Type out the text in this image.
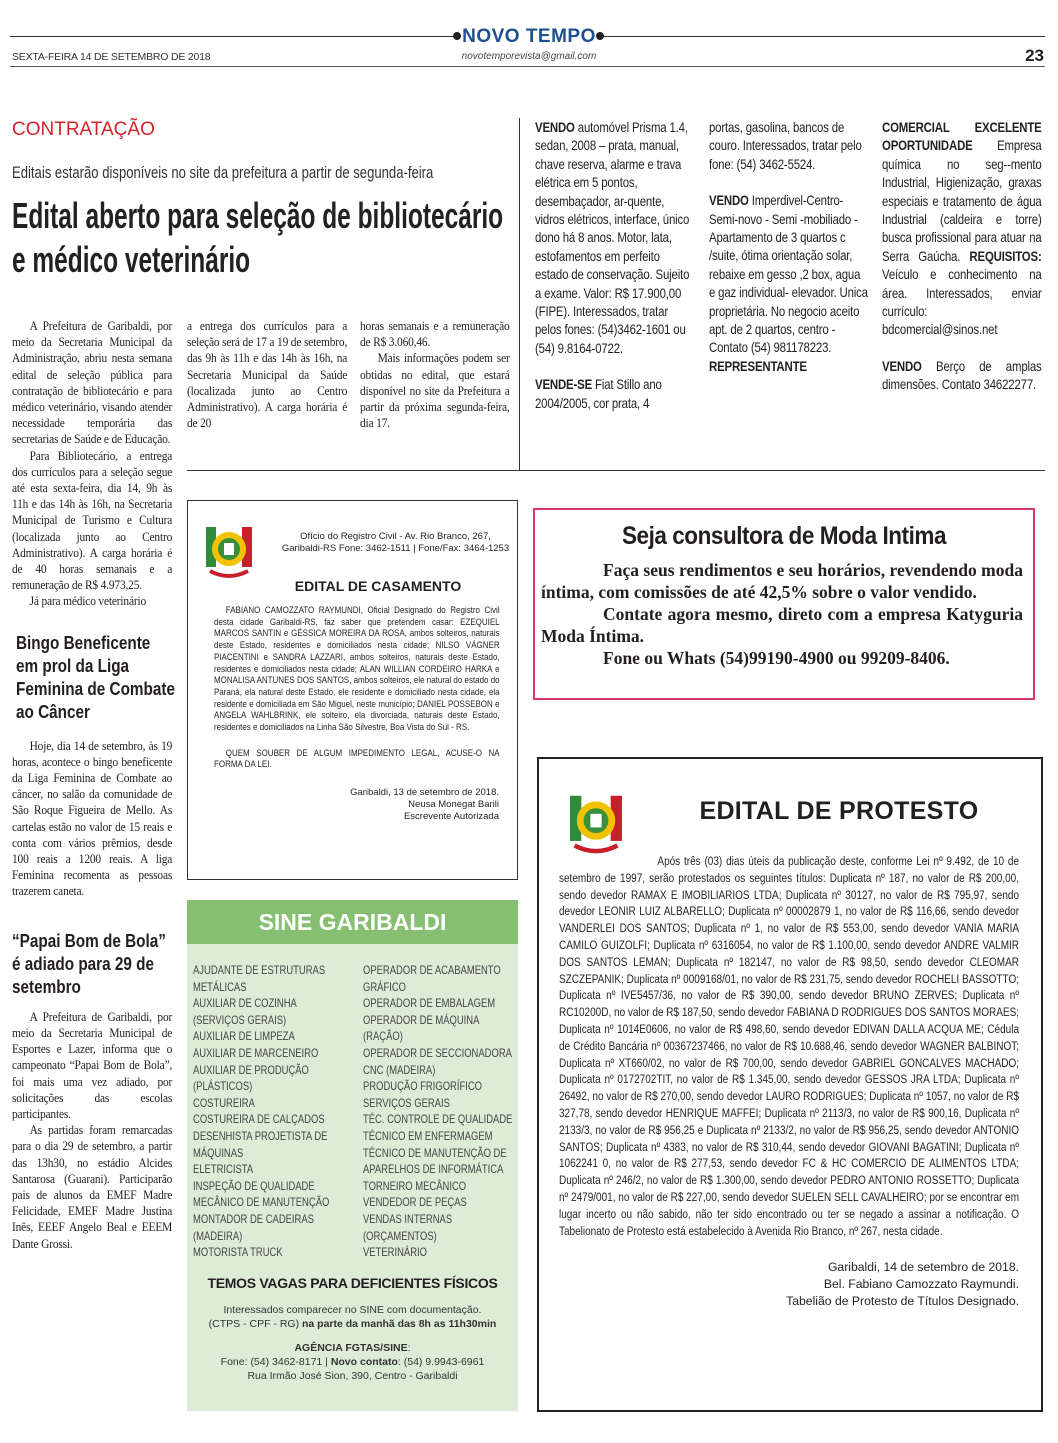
NOVO TEMPO
novotemporevista@gmail.com
SEXTA-FEIRA 14 DE SETEMBRO DE 2018	23
CONTRATAÇÃO
Editais estarão disponíveis no site da prefeitura a partir de segunda-feira
Edital aberto para seleção de bibliotecário e médico veterinário

A Prefeitura de Garibaldi, por meio da Secretaria Municipal da Administração, abriu nesta semana edital de seleção pública para contratação de bibliotecário e para médico veterinário, visando atender necessidade temporária das secretarias de Saúde e de Educação.

Para Bibliotecário, a entrega dos currículos para a seleção segue até esta sexta-feira, dia 14, 9h às 11h e das 14h às 16h, na Secretaria Municipal de Turismo e Cultura (localizada junto ao Centro Administrativo). A carga horária é de 40 horas semanais e a remuneração de R$ 4.973,25.

Já para médico veterinário

Bingo Beneficente em prol da Liga Feminina de Combate ao Câncer

Hoje, dia 14 de setembro, às 19 horas, acontece o bingo beneficente da Liga Feminina de Combate ao câncer, no salão da comunidade de São Roque Figueira de Mello. As cartelas estão no valor de 15 reais e conta com vários prêmios, desde 100 reais a 1200 reais. A liga Feminina recomenta as pessoas trazerem caneta.

“Papai Bom de Bola” é adiado para 29 de setembro

A Prefeitura de Garibaldi, por meio da Secretaria Municipal de Esportes e Lazer, informa que o campeonato “Papai Bom de Bola”, foi mais uma vez adiado, por solicitações das escolas participantes.

As partidas foram remarcadas para o dia 29 de setembro, a partir das 13h30, no estádio Alcides Santarosa (Guarani). Participarão pais de alunos da EMEF Madre Felicidade, EMEF Madre Justina Inês, EEEF Angelo Beal e EEEM Dante Grossi.

a entrega dos currículos para a seleção será de 17 a 19 de setembro, das 9h às 11h e das 14h às 16h, na Secretaria Municipal da Saúde (localizada junto ao Centro Administrativo). A carga horária é de 20

horas semanais e a remuneração de R$ 3.060,46.

Mais informações podem ser obtidas no edital, que estará disponível no site da Prefeitura a partir da próxima segunda-feira, dia 17.

VENDO automóvel Prisma 1.4, sedan, 2008 – prata, manual, chave reserva, alarme e trava elétrica em 5 pontos, desembaçador, ar-quente, vidros elétricos, interface, único dono há 8 anos. Motor, lata, estofamentos em perfeito estado de conservação. Sujeito a exame. Valor: R$ 17.900,00 (FIPE). Interessados, tratar pelos fones: (54)3462-1601 ou (54) 9.8164-0722.

VENDE-SE Fiat Stillo ano 2004/2005, cor prata, 4

portas, gasolina, bancos de couro. Interessados, tratar pelo fone: (54) 3462-5524.

VENDO Imperdivel-Centro-Semi-novo - Semi -mobiliado -Apartamento de 3 quartos c /suite, ótima orientação solar, rebaixe em gesso ,2 box, agua e gaz individual- elevador. Unica proprietária. No negocio aceito apt. de 2 quartos, centro - Contato (54) 981178223.

REPRESENTANTE

COMERCIAL EXCELENTE OPORTUNIDADE Empresa química no seg--mento Industrial, Higienização, graxas especiais e tratamento de água Industrial (caldeira e torre) busca profissional para atuar na Serra Gaúcha. REQUISITOS: Veículo e conhecimento na área. Interessados, enviar currículo: bdcomercial@sinos.net

VENDO Berço de amplas dimensões. Contato 34622277.

Ofício do Registro Civil - Av. Rio Branco, 267,
Garibaldi-RS Fone: 3462-1511 | Fone/Fax: 3464-1253
EDITAL DE CASAMENTO
FABIANO CAMOZZATO RAYMUNDI, Oficial Designado do Registro Civil desta cidade Garibaldi-RS, faz saber que pretendem casar: EZEQUIEL MARCOS SANTIN e GÉSSICA MOREIRA DA ROSA, ambos solteiros, naturais deste Estado, residentes e domiciliados nesta cidade; NILSO VÁGNER PIACENTINI e SANDRA LAZZARI, ambos solteiros, naturais deste Estado, residentes e domiciliados nesta cidade; ALAN WILLIAN CORDEIRO HARKA e MONALISA ANTUNES DOS SANTOS, ambos solteiros, ele natural do estado do Paraná, ela natural deste Estado, ele residente e domiciliado nesta cidade, ela residente e domiciliada em São Miguel, neste município; DANIEL POSSEBON e ANGELA WAHLBRINK, ele solteiro, ela divorciada, naturais deste Estado, residentes e domiciliados na Linha São Silvestre, Boa Vista do Sul - RS.
QUEM SOUBER DE ALGUM IMPEDIMENTO LEGAL, ACUSE-O NA FORMA DA LEI.
Garibaldi, 13 de setembro de 2018.
Neusa Monegat Barili
Escrevente Autorizada
SINE GARIBALDI
AJUDANTE DE ESTRUTURAS METÁLICAS
AUXILIAR DE COZINHA (SERVIÇOS GERAIS)
AUXILIAR DE LIMPEZA
AUXILIAR DE MARCENEIRO
AUXILIAR DE PRODUÇÃO (PLÁSTICOS)
COSTUREIRA
COSTUREIRA DE CALÇADOS
DESENHISTA PROJETISTA DE MÁQUINAS
ELETRICISTA
INSPEÇÃO DE QUALIDADE
MECÂNICO DE MANUTENÇÃO
MONTADOR DE CADEIRAS (MADEIRA)
MOTORISTA TRUCK
OPERADOR DE ACABAMENTO GRÁFICO
OPERADOR DE EMBALAGEM
OPERADOR DE MÁQUINA (RAÇÃO)
OPERADOR DE SECCIONADORA CNC (MADEIRA)
PRODUÇÃO FRIGORÍFICO
SERVIÇOS GERAIS
TÉC. CONTROLE DE QUALIDADE
TÉCNICO EM ENFERMAGEM
TÉCNICO DE MANUTENÇÃO DE APARELHOS DE INFORMÁTICA
TORNEIRO MECÂNICO
VENDEDOR DE PEÇAS
VENDAS INTERNAS (ORÇAMENTOS)
VETERINÁRIO
TEMOS VAGAS PARA DEFICIENTES FÍSICOS
Interessados comparecer no SINE com documentação.
(CTPS - CPF - RG) na parte da manhã das 8h as 11h30min
AGÊNCIA FGTAS/SINE:
Fone: (54) 3462-8171 | Novo contato: (54) 9.9943-6961
Rua Irmão José Sion, 390, Centro - Garibaldi
Seja consultora de Moda Intima

Faça seus rendimentos e seu horários, revendendo moda íntima, com comissões de até 42,5% sobre o valor vendido.

Contate agora mesmo, direto com a empresa Katyguria Moda Íntima.

Fone ou Whats (54)99190-4900 ou 99209-8406.

EDITAL DE PROTESTO
Após três (03) dias úteis da publicação deste, conforme Lei nº 9.492, de 10 de setembro de 1997, serão protestados os seguintes títulos: Duplicata nº 187, no valor de R$ 200,00, sendo devedor RAMAX E IMOBILIARIOS LTDA; Duplicata nº 30127, no valor de R$ 795,97, sendo devedor LEONIR LUIZ ALBARELLO; Duplicata nº 00002879 1, no valor de R$ 116,66, sendo devedor VANDERLEI DOS SANTOS; Duplicata nº 1, no valor de R$ 553,00, sendo devedor VANIA MARIA CAMILO GUIZOLFI; Duplicata nº 6316054, no valor de R$ 1.100,00, sendo devedor ANDRE VALMIR DOS SANTOS LEMAN; Duplicata nº 182147, no valor de R$ 98,50, sendo devedor CLEOMAR SZCZEPANIK; Duplicata nº 0009168/01, no valor de R$ 231,75, sendo devedor ROCHELI BASSOTTO; Duplicata nº IVE5457/36, no valor de R$ 390,00, sendo devedor BRUNO ZERVES; Duplicata nº RC10200D, no valor de R$ 187,50, sendo devedor FABIANA D RODRIGUES DOS SANTOS MORAES; Duplicata nº 1014E0606, no valor de R$ 498,60, sendo devedor EDIVAN DALLA ACQUA ME; Cédula de Crédito Bancária nº 00367237466, no valor de R$ 10.688,46, sendo devedor WAGNER BALBINOT; Duplicata nº XT660/02, no valor de R$ 700,00, sendo devedor GABRIEL GONCALVES MACHADO; Duplicata nº 0172702TIT, no valor de R$ 1.345,00, sendo devedor GESSOS JRA LTDA; Duplicata nº 26492, no valor de R$ 270,00, sendo devedor LAURO RODRIGUES; Duplicata nº 1057, no valor de R$ 327,78, sendo devedor HENRIQUE MAFFEI; Duplicata nº 2113/3, no valor de R$ 900,16, Duplicata nº 2133/3, no valor de R$ 956,25 e Duplicata nº 2133/2, no valor de R$ 956,25, sendo devedor ANTONIO SANTOS; Duplicata nº 4383, no valor de R$ 310,44, sendo devedor GIOVANI BAGATINI; Duplicata nº 1062241 0, no valor de R$ 277,53, sendo devedor FC & HC COMERCIO DE ALIMENTOS LTDA; Duplicata nº 246/2, no valor de R$ 1.300,00, sendo devedor PEDRO ANTONIO ROSSETTO; Duplicata nº 2479/001, no valor de R$ 227,00, sendo devedor SUELEN SELL CAVALHEIRO; por se encontrar em lugar incerto ou não sabido, não ter sido encontrado ou ter se negado a assinar a notificação. O Tabelionato de Protesto está estabelecido à Avenida Rio Branco, nº 267, nesta cidade.
Garibaldi, 14 de setembro de 2018.
Bel. Fabiano Camozzato Raymundi.
Tabelião de Protesto de Títulos Designado.
